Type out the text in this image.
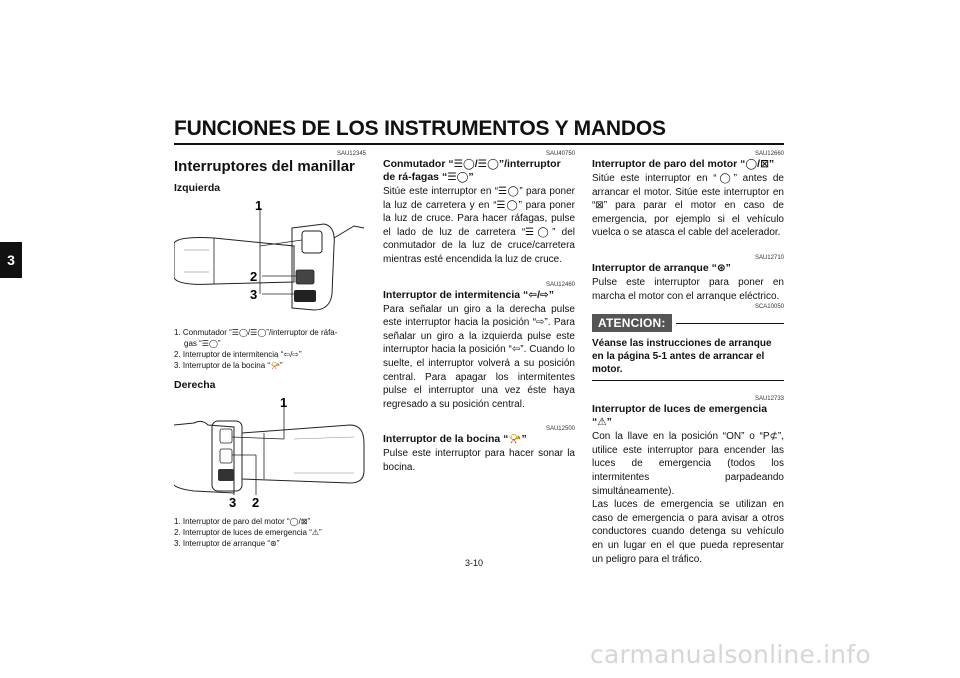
FUNCIONES DE LOS INSTRUMENTOS Y MANDOS
3

SAU12345

Interruptores del manillar
Izquierda
1
2
3

1. Conmutador “☰◯/☰◯”/interruptor de ráfa-

gas “☰◯”

2. Interruptor de intermitencia “⇦/⇨”

3. Interruptor de la bocina “📯”

Derecha
1
3 2

1. Interruptor de paro del motor “◯/⊠”

2. Interruptor de luces de emergencia “⚠”

3. Interruptor de arranque “⊛”

SAU40750

Conmutador “☰◯/☰◯”/interruptor de rá-fagas “☰◯”

Sitúe este interruptor en “☰◯” para poner la luz de carretera y en “☰◯” para poner la luz de cruce. Para hacer ráfagas, pulse el lado de luz de carretera “☰◯” del conmutador de la luz de cruce/carretera mientras esté encendida la luz de cruce.

SAU12460

Interruptor de intermitencia “⇦/⇨”

Para señalar un giro a la derecha pulse este interruptor hacia la posición “⇨”. Para señalar un giro a la izquierda pulse este interruptor hacia la posición “⇦”. Cuando lo suelte, el interruptor volverá a su posición central. Para apagar los intermitentes pulse el interruptor una vez éste haya regresado a su posición central.

SAU12500

Interruptor de la bocina “📯”

Pulse este interruptor para hacer sonar la bocina.

SAU12660

Interruptor de paro del motor “◯/⊠”

Sitúe este interruptor en “◯” antes de arrancar el motor. Sitúe este interruptor en “⊠” para parar el motor en caso de emergencia, por ejemplo si el vehículo vuelca o se atasca el cable del acelerador.

SAU12710

Interruptor de arranque “⊛”

Pulse este interruptor para poner en marcha el motor con el arranque eléctrico.

SCA10050

ATENCION:

Véanse las instrucciones de arranque en la página 5-1 antes de arrancar el motor.

SAU12733

Interruptor de luces de emergencia “⚠”

Con la llave en la posición “ON” o “P⊄”, utilice este interruptor para encender las luces de emergencia (todos los intermitentes parpadeando simultáneamente).

Las luces de emergencia se utilizan en caso de emergencia o para avisar a otros conductores cuando detenga su vehículo en un lugar en el que pueda representar un peligro para el tráfico.

3-10
carmanualsonline.info
